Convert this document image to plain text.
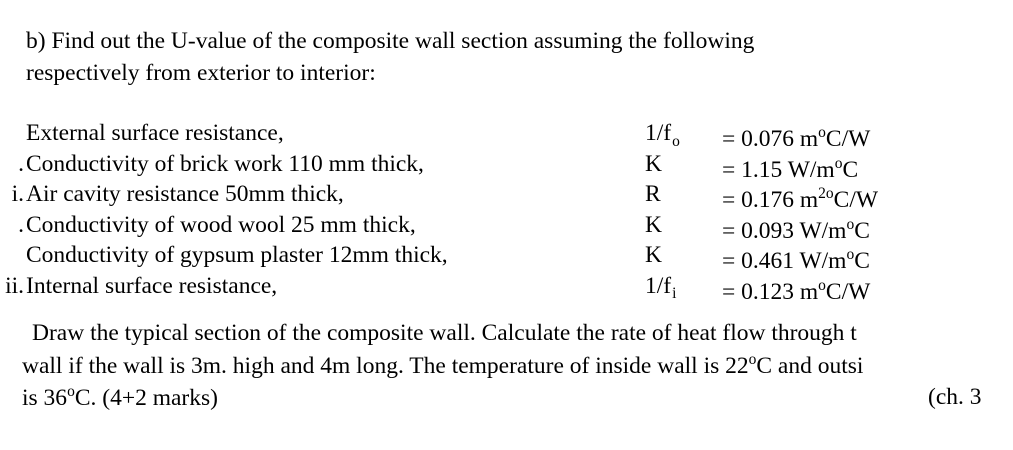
b) Find out the U-value of the composite wall section assuming the following
respectively from exterior to interior:
External surface resistance,	$1/f_o = 0.076$ $m^oC/W$
. Conductivity of brick work 110 mm thick,	K	= 1.15 $W/m^oC$
i. Air cavity resistance 50mm thick,	R	= 0.176 $m^{2o}C/W$
. Conductivity of wood wool 25 mm thick,	K	= 0.093 $W/m^oC$
Conductivity of gypsum plaster 12mm thick,	K	= 0.461 $W/m^oC$
ii. Internal surface resistance,	$1/f_i = 0.123$ $m^oC/W$
Draw the typical section of the composite wall. Calculate the rate of heat flow through t
wall if the wall is 3m. high and 4m long. The temperature of inside wall is 22$^o$C and outsi
is 36$^o$C. (4+2 marks)	(ch. 3
